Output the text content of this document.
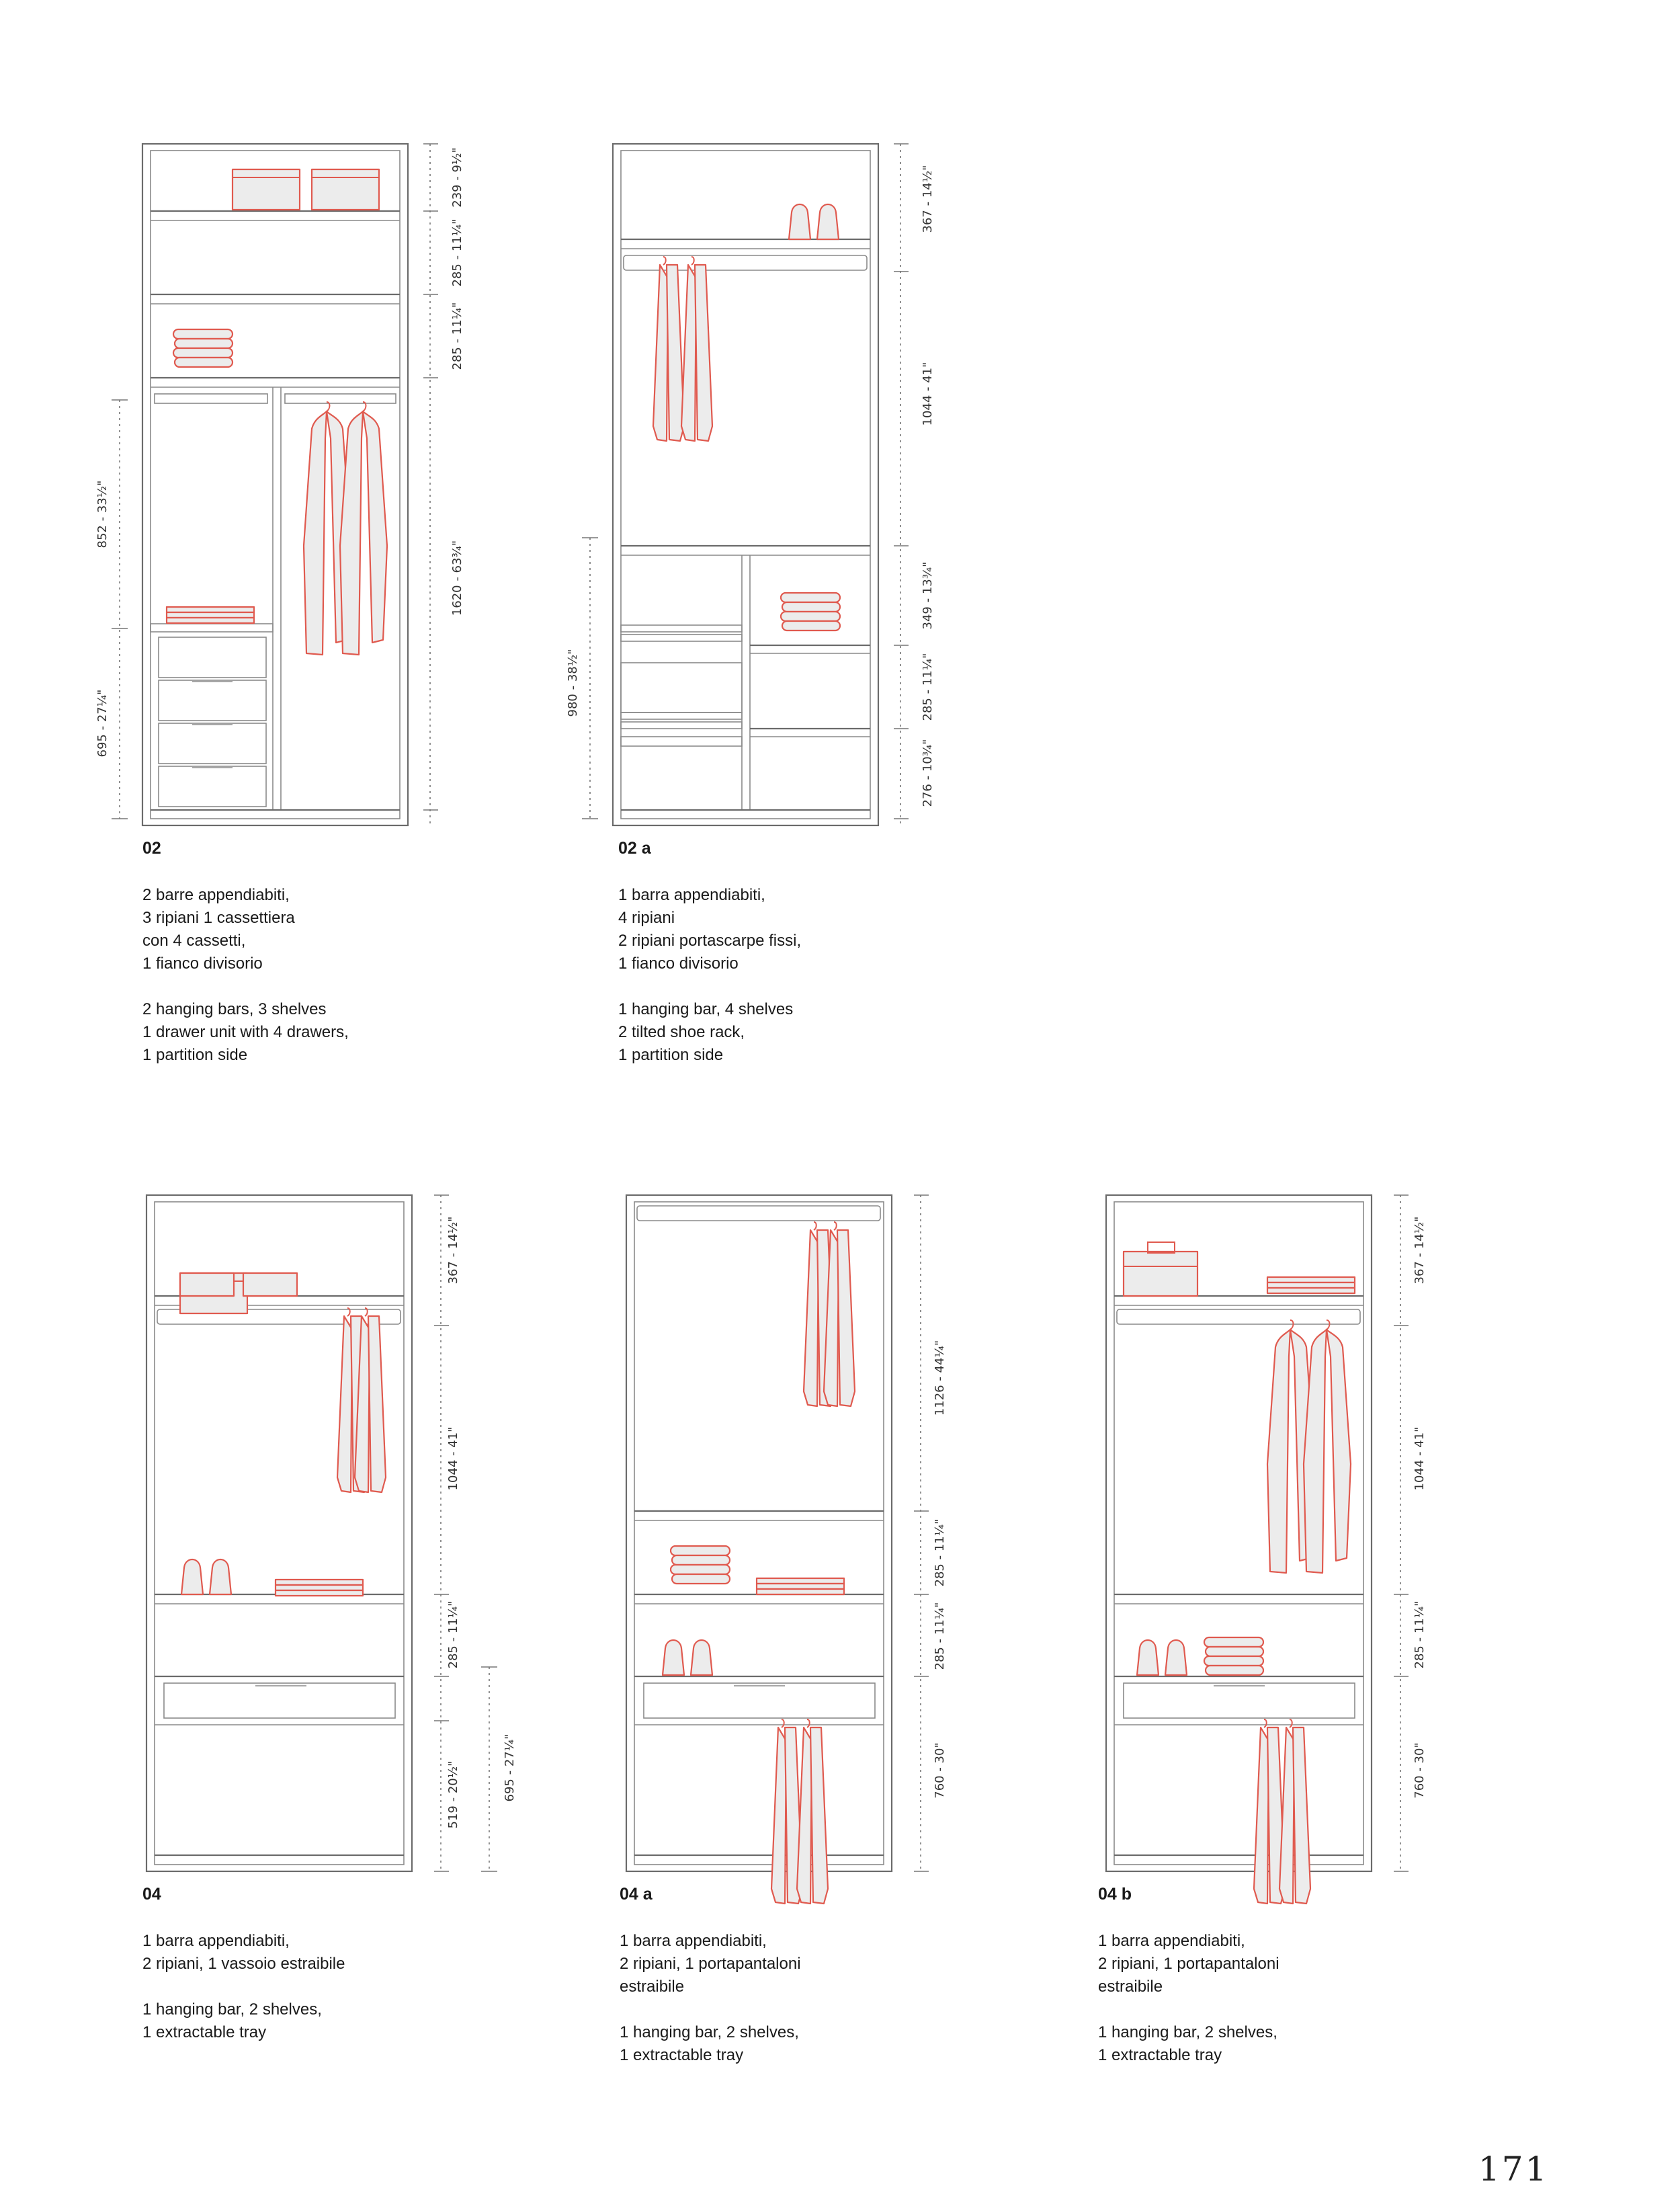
239 - 9½"
285 - 11¼"
285 - 11¼"
1620 - 63¾"
852 - 33½"
695 - 27¼"
367 - 14½"
1044 - 41"
349 - 13¾"
285 - 11¼"
276 - 10¾"
980 - 38½"
367 - 14½"
1044 - 41"
285 - 11¼"
519 - 20½"	695 - 27¼"
1126 - 44¼"
285 - 11¼"
285 - 11¼"
760 - 30"
367 - 14½"
1044 - 41"
285 - 11¼"
760 - 30"
02
2 barre appendiabiti,
3 ripiani 1 cassettiera
con 4 cassetti,
1 fianco divisorio
2 hanging bars, 3 shelves
1 drawer unit with 4 drawers,
1 partition side
02 a
1 barra appendiabiti,
4 ripiani
2 ripiani portascarpe fissi,
1 fianco divisorio
1 hanging bar, 4 shelves
2 tilted shoe rack,
1 partition side
04
1 barra appendiabiti,
2 ripiani, 1 vassoio estraibile
1 hanging bar, 2 shelves,
1 extractable tray
04 a
1 barra appendiabiti,
2 ripiani, 1 portapantaloni
estraibile
1 hanging bar, 2 shelves,
1 extractable tray
04 b
1 barra appendiabiti,
2 ripiani, 1 portapantaloni
estraibile
1 hanging bar, 2 shelves,
1 extractable tray
171
